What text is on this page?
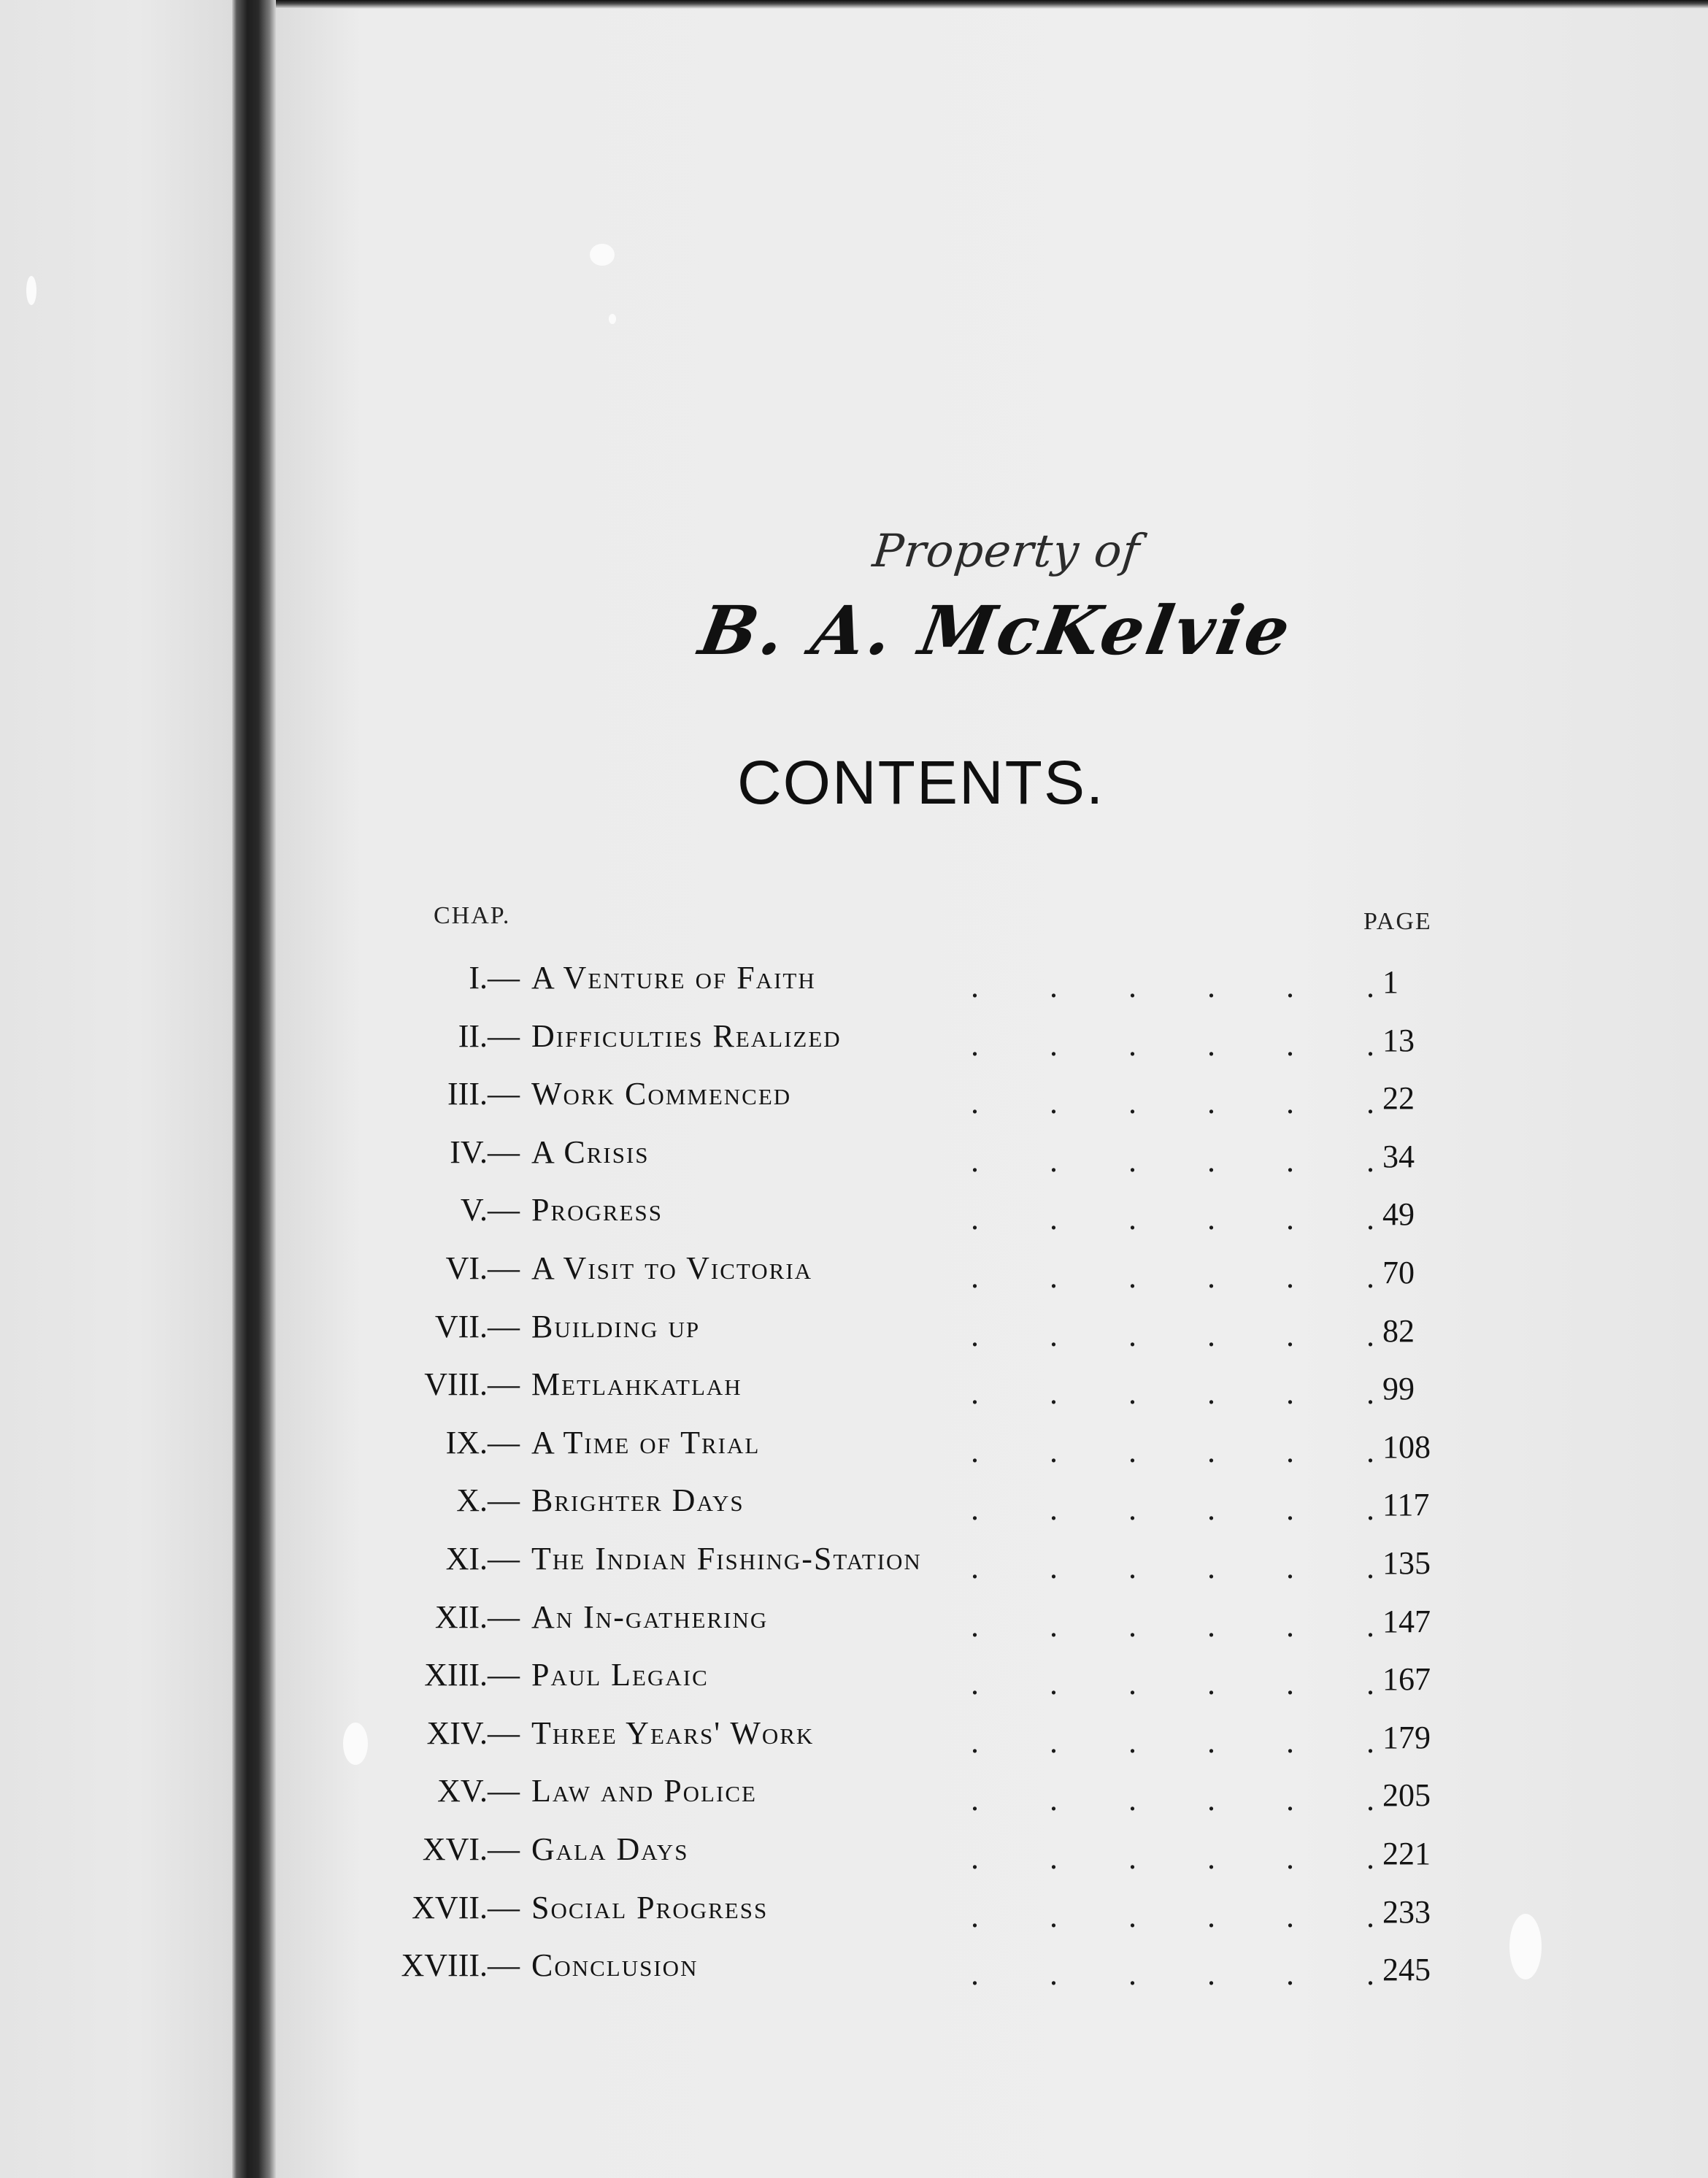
Property of
B. A. McKelvie
CONTENTS.
CHAP.	PAGE
I.— A Venture of Faith	1
. . . . . .
II.— Difficulties Realized	13
. . . . . .
III.— Work Commenced	22
. . . . . .
IV.— A Crisis	34
. . . . . .
V.— Progress	49
. . . . . .
VI.— A Visit to Victoria	70
. . . . . .
VII.— Building up	82
. . . . . .
VIII.— Metlahkatlah	99
. . . . . .
IX.— A Time of Trial	108
. . . . . .
X.— Brighter Days	117
. . . . . .
XI.— The Indian Fishing-Station	135
. . . . . .
XII.— An In-gathering	147
. . . . . .
XIII.— Paul Legaic	167
. . . . . .
XIV.— Three Years' Work	179
. . . . . .
XV.— Law and Police	205
. . . . . .
XVI.— Gala Days	221
. . . . . .
XVII.— Social Progress	233
. . . . . .
XVIII.— Conclusion	245
. . . . . .
